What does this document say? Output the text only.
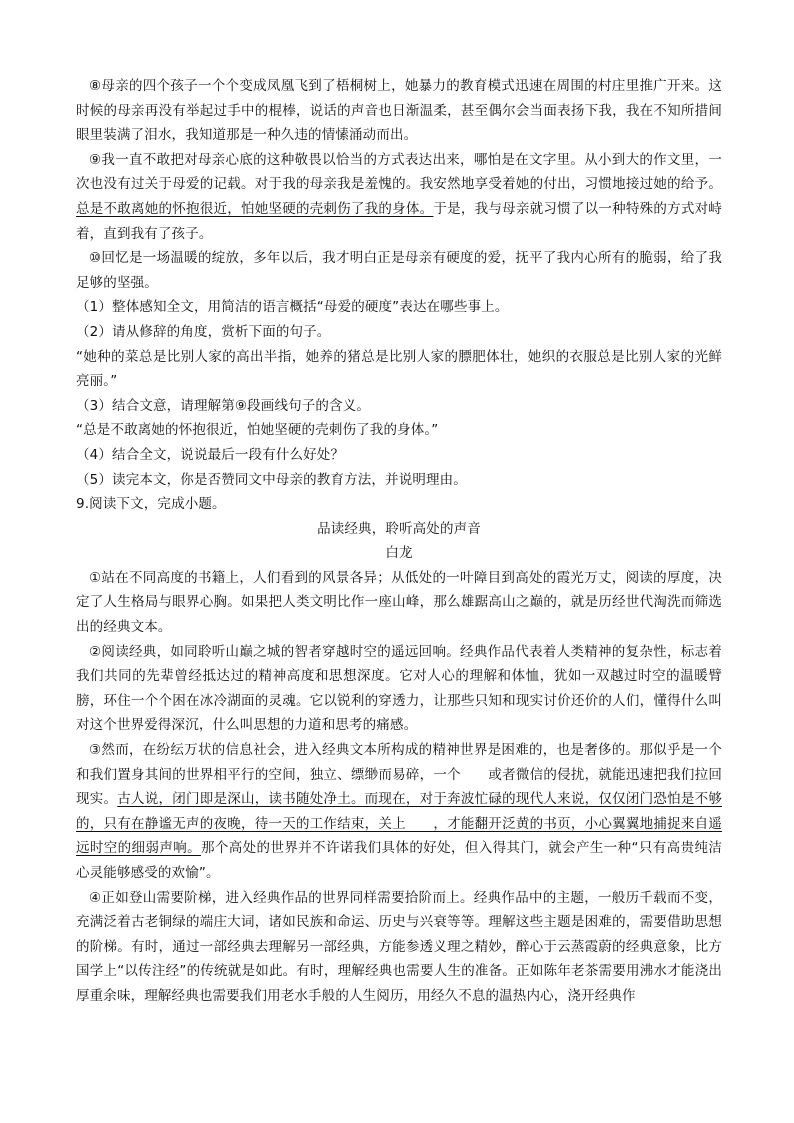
⑧母亲的四个孩子一个个变成凤凰飞到了梧桐树上，她暴力的教育模式迅速在周围的村庄里推广开来。这时候的母亲再没有举起过手中的棍棒，说话的声音也日渐温柔，甚至偶尔会当面表扬下我，我在不知所措间眼里装满了泪水，我知道那是一种久违的情愫涌动而出。

⑨我一直不敢把对母亲心底的这种敬畏以恰当的方式表达出来，哪怕是在文字里。从小到大的作文里，一次也没有过关于母爱的记载。对于我的母亲我是羞愧的。我安然地享受着她的付出，习惯地接过她的给予。总是不敢离她的怀抱很近，怕她坚硬的壳刺伤了我的身体。于是，我与母亲就习惯了以一种特殊的方式对峙着，直到我有了孩子。

⑩回忆是一场温暖的绽放，多年以后，我才明白正是母亲有硬度的爱，抚平了我内心所有的脆弱，给了我足够的坚强。

（1）整体感知全文，用简洁的语言概括“母爱的硬度”表达在哪些事上。

（2）请从修辞的角度，赏析下面的句子。

“她种的菜总是比别人家的高出半指，她养的猪总是比别人家的膘肥体壮，她织的衣服总是比别人家的光鲜亮丽。”

（3）结合文意，请理解第⑨段画线句子的含义。

“总是不敢离她的怀抱很近，怕她坚硬的壳刺伤了我的身体。”

（4）结合全文，说说最后一段有什么好处？

（5）读完本文，你是否赞同文中母亲的教育方法，并说明理由。

9.阅读下文，完成小题。

品读经典，聆听高处的声音

白龙

①站在不同高度的书籍上，人们看到的风景各异；从低处的一叶障目到高处的霞光万丈，阅读的厚度，决定了人生格局与眼界心胸。如果把人类文明比作一座山峰，那么雄踞高山之巅的，就是历经世代淘洗而筛选出的经典文本。

②阅读经典，如同聆听山巅之城的智者穿越时空的遥远回响。经典作品代表着人类精神的复杂性，标志着我们共同的先辈曾经抵达过的精神高度和思想深度。它对人心的理解和体恤，犹如一双越过时空的温暖臂膀，环住一个个困在冰冷湖面的灵魂。它以锐利的穿透力，让那些只知和现实讨价还价的人们，懂得什么叫对这个世界爱得深沉，什么叫思想的力道和思考的痛感。

③然而，在纷纭万状的信息社会，进入经典文本所构成的精神世界是困难的，也是奢侈的。那似乎是一个和我们置身其间的世界相平行的空间，独立、缥缈而易碎，一个　　或者微信的侵扰，就能迅速把我们拉回现实。古人说，闭门即是深山，读书随处净土。而现在，对于奔波忙碌的现代人来说，仅仅闭门恐怕是不够的，只有在静谧无声的夜晚，待一天的工作结束，关上　　，才能翻开泛黄的书页，小心翼翼地捕捉来自遥远时空的细弱声响。那个高处的世界并不许诺我们具体的好处，但入得其门，就会产生一种“只有高贵纯洁心灵能够感受的欢愉”。

④正如登山需要阶梯，进入经典作品的世界同样需要拾阶而上。经典作品中的主题，一般历千载而不变，充满泛着古老铜绿的端庄大词，诸如民族和命运、历史与兴衰等等。理解这些主题是困难的，需要借助思想的阶梯。有时，通过一部经典去理解另一部经典，方能参透义理之精妙，醉心于云蒸霞蔚的经典意象，比方国学上“以传注经”的传统就是如此。有时，理解经典也需要人生的准备。正如陈年老茶需要用沸水才能浇出厚重余味，理解经典也需要我们用老水手般的人生阅历，用经久不息的温热内心，浇开经典作
